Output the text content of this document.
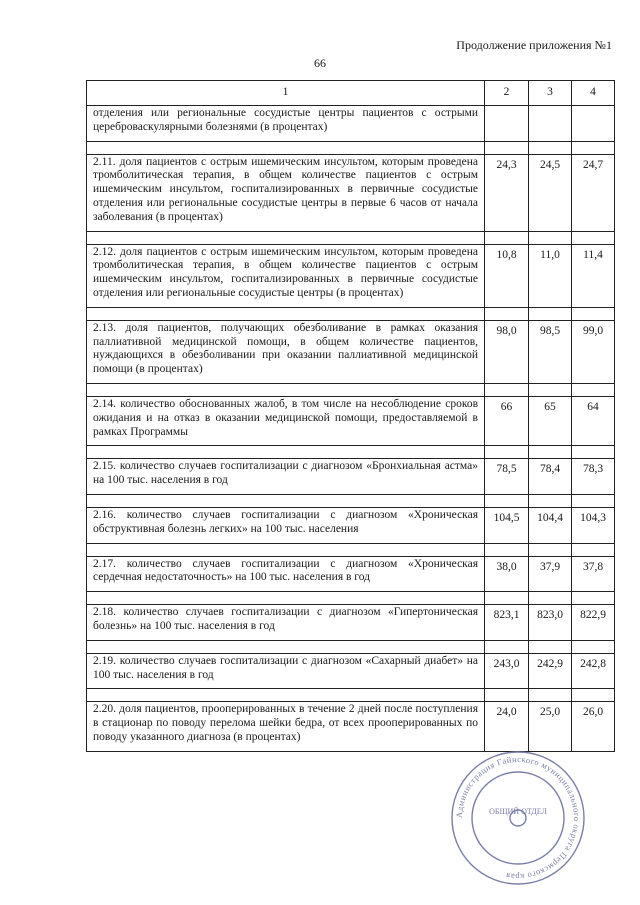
Продолжение приложения №1
66
1	2	3	4
отделения или региональные сосудистые центры пациентов с острыми цереброваскулярными болезнями (в процентах)			

2.11. доля пациентов с острым ишемическим инсультом, которым проведена тромболитическая терапия, в общем количестве пациентов с острым ишемическим инсультом, госпитализированных в первичные сосудистые отделения или региональные сосудистые центры в первые 6 часов от начала заболевания (в процентах)	24,3	24,5	24,7

2.12. доля пациентов с острым ишемическим инсультом, которым проведена тромболитическая терапия, в общем количестве пациентов с острым ишемическим инсультом, госпитализированных в первичные сосудистые отделения или региональные сосудистые центры (в процентах)	10,8	11,0	11,4

2.13. доля пациентов, получающих обезболивание в рамках оказания паллиативной медицинской помощи, в общем количестве пациентов, нуждающихся в обезболивании при оказании паллиативной медицинской помощи (в процентах)	98,0	98,5	99,0

2.14. количество обоснованных жалоб, в том числе на несоблюдение сроков ожидания и на отказ в оказании медицинской помощи, предоставляемой в рамках Программы	66	65	64

2.15. количество случаев госпитализации с диагнозом «Бронхиальная астма» на 100 тыс. населения в год	78,5	78,4	78,3

2.16. количество случаев госпитализации с диагнозом «Хроническая обструктивная болезнь легких» на 100 тыс. населения	104,5	104,4	104,3

2.17. количество случаев госпитализации с диагнозом «Хроническая сердечная недостаточность» на 100 тыс. населения в год	38,0	37,9	37,8

2.18. количество случаев госпитализации с диагнозом «Гипертоническая болезнь» на 100 тыс. населения в год	823,1	823,0	822,9

2.19. количество случаев госпитализации с диагнозом «Сахарный диабет» на 100 тыс. населения в год	243,0	242,9	242,8

2.20. доля пациентов, прооперированных в течение 2 дней после поступления в стационар по поводу перелома шейки бедра, от всех прооперированных по поводу указанного диагноза (в процентах)	24,0	25,0	26,0
Администрация Гайнского муниципального округа Пермского края
ОБЩИЙ ОТДЕЛ
